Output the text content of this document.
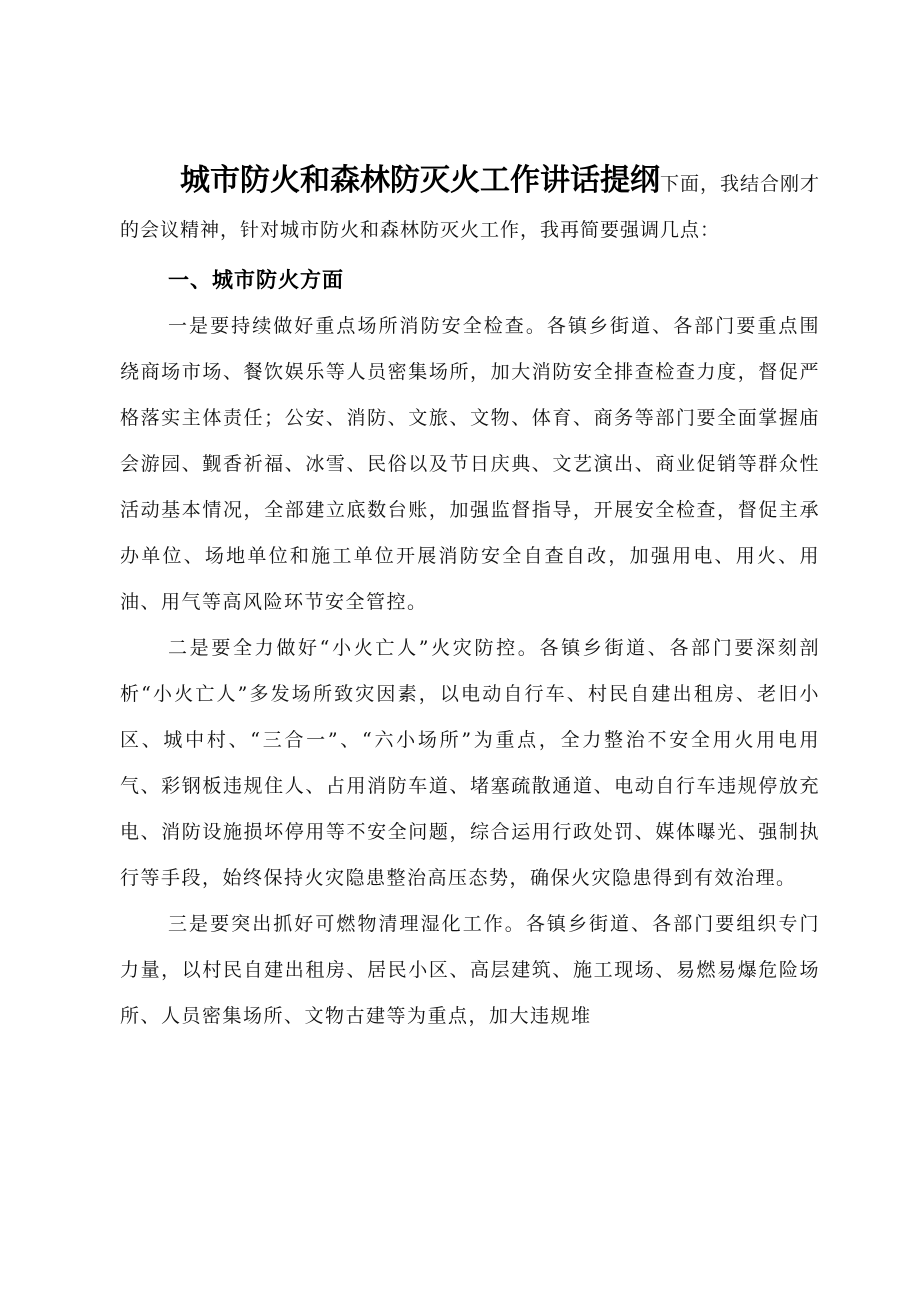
城市防火和森林防灭火工作讲话提纲下面，我结合刚才的会议精神，针对城市防火和森林防灭火工作，我再简要强调几点：

一、城市防火方面

一是要持续做好重点场所消防安全检查。各镇乡街道、各部门要重点围绕商场市场、餐饮娱乐等人员密集场所，加大消防安全排查检查力度，督促严格落实主体责任；公安、消防、文旅、文物、体育、商务等部门要全面掌握庙会游园、觐香祈福、冰雪、民俗以及节日庆典、文艺演出、商业促销等群众性活动基本情况，全部建立底数台账，加强监督指导，开展安全检查，督促主承办单位、场地单位和施工单位开展消防安全自查自改，加强用电、用火、用油、用气等高风险环节安全管控。

二是要全力做好“小火亡人”火灾防控。各镇乡街道、各部门要深刻剖析“小火亡人”多发场所致灾因素，以电动自行车、村民自建出租房、老旧小区、城中村、“三合一”、“六小场所”为重点，全力整治不安全用火用电用气、彩钢板违规住人、占用消防车道、堵塞疏散通道、电动自行车违规停放充电、消防设施损坏停用等不安全问题，综合运用行政处罚、媒体曝光、强制执行等手段，始终保持火灾隐患整治高压态势，确保火灾隐患得到有效治理。

三是要突出抓好可燃物清理湿化工作。各镇乡街道、各部门要组织专门力量，以村民自建出租房、居民小区、高层建筑、施工现场、易燃易爆危险场所、人员密集场所、文物古建等为重点，加大违规堆
